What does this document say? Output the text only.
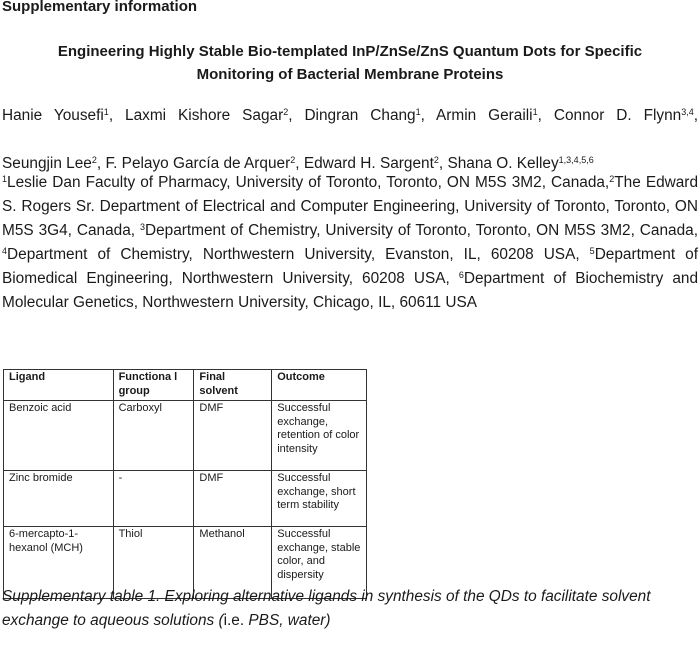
Supplementary information
Engineering Highly Stable Bio-templated InP/ZnSe/ZnS Quantum Dots for Specific
Monitoring of Bacterial Membrane Proteins

Hanie Yousefi$^1$, Laxmi Kishore Sagar$^2$, Dingran Chang$^1$, Armin Geraili$^1$, Connor D. Flynn$^{3,4}$,

Seungjin Lee$^2$, F. Pelayo García de Arquer$^2$, Edward H. Sargent$^2$, Shana O. Kelley$^{1,3,4,5,6}$

$^1$Leslie Dan Faculty of Pharmacy, University of Toronto, Toronto, ON M5S 3M2, Canada,$^2$The Edward S. Rogers Sr. Department of Electrical and Computer Engineering, University of Toronto, Toronto, ON M5S 3G4, Canada, $^3$Department of Chemistry, University of Toronto, Toronto, ON M5S 3M2, Canada, $^4$Department of Chemistry, Northwestern University, Evanston, IL, 60208 USA, $^5$Department of Biomedical Engineering, Northwestern University, 60208 USA, $^6$Department of Biochemistry and Molecular Genetics, Northwestern University, Chicago, IL, 60611 USA

Ligand	Functiona l group	Final solvent	Outcome
Benzoic acid	Carboxyl	DMF	Successful exchange, retention of color intensity
Zinc bromide	-	DMF	Successful exchange, short term stability
6-mercapto-1-hexanol (MCH)	Thiol	Methanol	Successful exchange, stable color, and dispersity

Supplementary table 1. Exploring alternative ligands in synthesis of the QDs to facilitate solvent

exchange to aqueous solutions (i.e. PBS, water)
